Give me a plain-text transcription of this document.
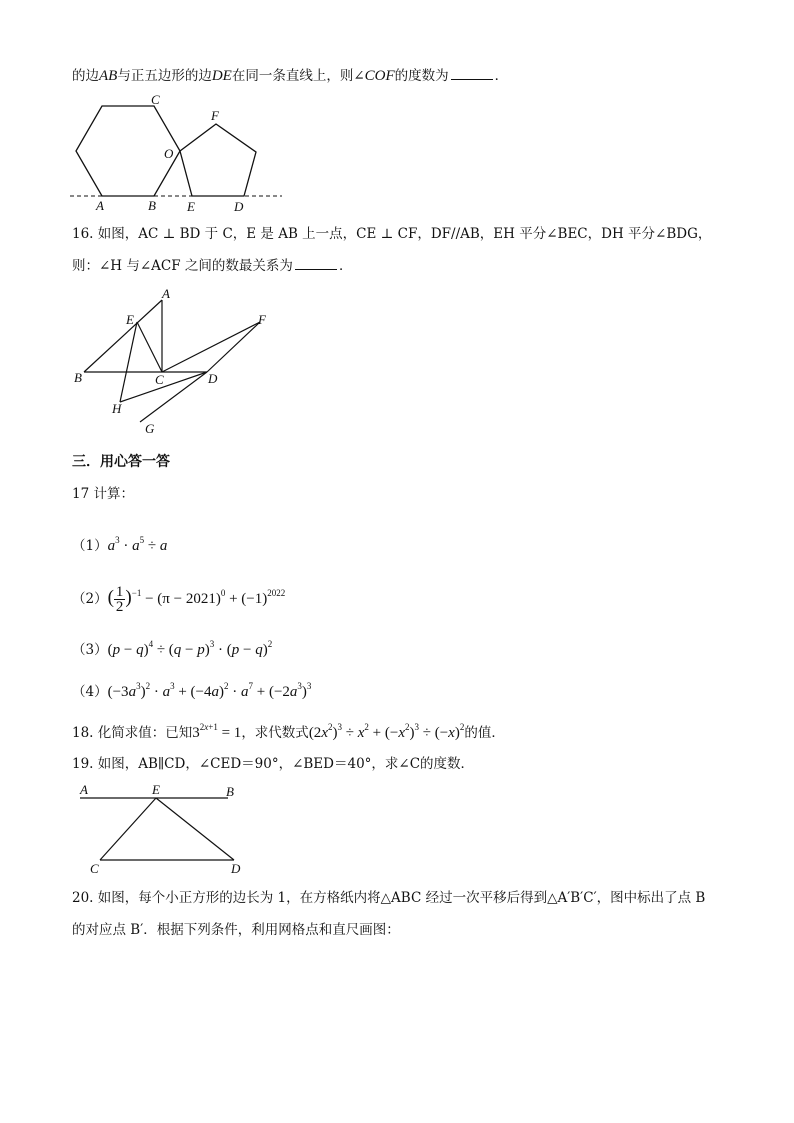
的边AB与正五边形的边DE在同一条直线上，则∠COF的度数为	．
C
O
F
A	B E	D
16. 如图，AC ⊥ BD 于 C，E 是 AB 上一点，CE ⊥ CF，DF//AB，EH 平分∠BEC，DH 平分∠BDG，
则：∠H 与∠ACF 之间的数最关系为	．
A
E	F
B	C	D
H
G
三．用心答一答
17 计算：
$(1)a^3 \cdot a^5 \div a$
$(2)( \frac{1}{2} )^{-1} - (\pi - 2021)^0 + (-1)^{2022}$
$(3)(p - q)^4 \div (q - p)^3 \cdot (p - q)^2$
$(4)(-3a^3)^2 \cdot a^3 + (-4a)^2 \cdot a^7 + (-2a^3)^3$
18. 化简求值：已知$3^{2x+1} = 1$，求代数式$(2x^2)^3 \div x^2 + (-x^2)^3 \div (-x)^2$的值．
19. 如图，AB∥CD，∠CED＝90°，∠BED＝40°，求∠C的度数．
A	E	B
C	D
20. 如图，每个小正方形的边长为 1，在方格纸内将△ABC 经过一次平移后得到△A′B′C′，图中标出了点 B
的对应点 B′．根据下列条件，利用网格点和直尺画图：
